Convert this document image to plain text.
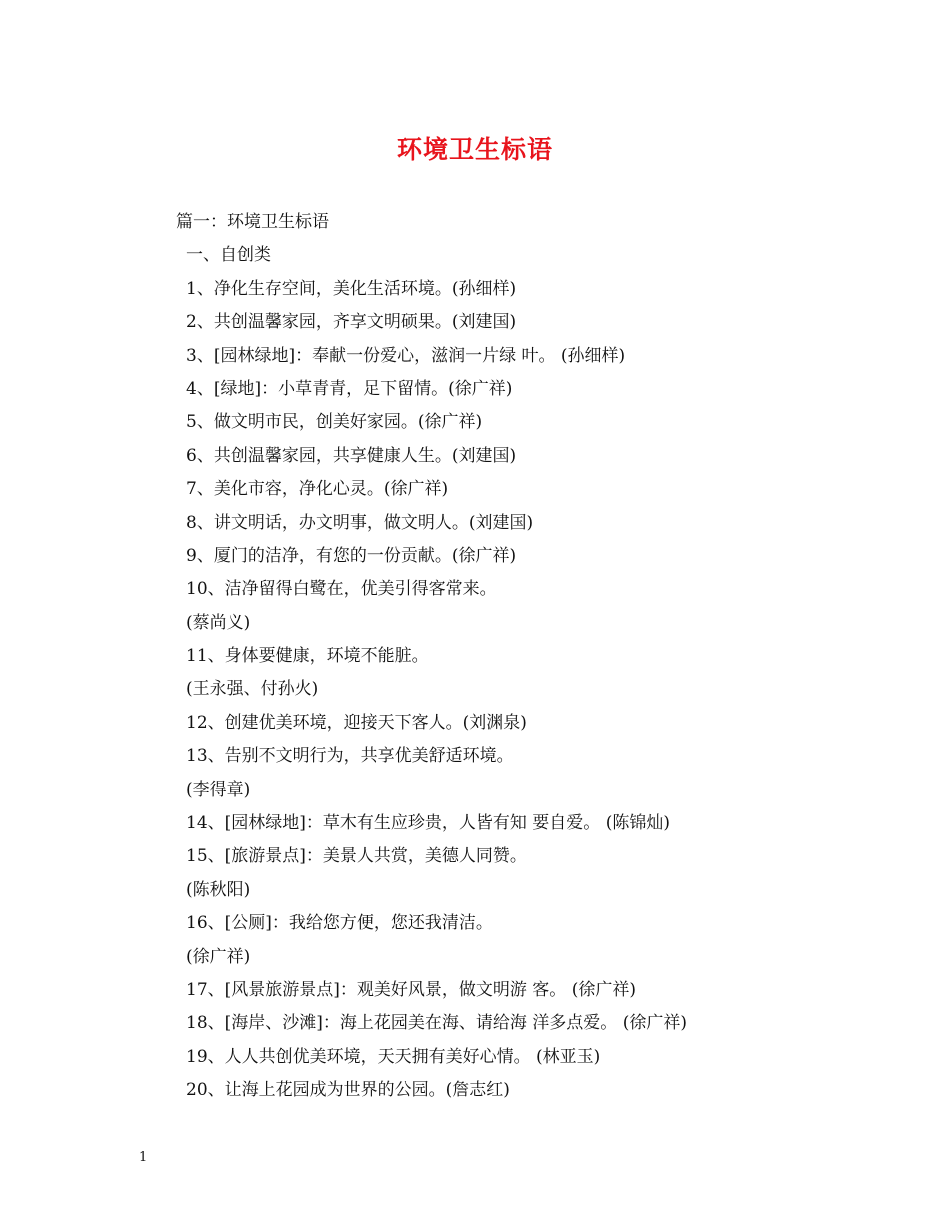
环境卫生标语
篇一：环境卫生标语
一、自创类
1、净化生存空间，美化生活环境。(孙细样)
2、共创温馨家园，齐享文明硕果。(刘建国)
3、[园林绿地]：奉献一份爱心，滋润一片绿 叶。 (孙细样)
4、[绿地]：小草青青，足下留情。(徐广祥)
5、做文明市民，创美好家园。(徐广祥)
6、共创温馨家园，共享健康人生。(刘建国)
7、美化市容，净化心灵。(徐广祥)
8、讲文明话，办文明事，做文明人。(刘建国)
9、厦门的洁净，有您的一份贡献。(徐广祥)
10、洁净留得白鹭在，优美引得客常来。
(蔡尚义)
11、身体要健康，环境不能脏。
(王永强、付孙火)
12、创建优美环境，迎接天下客人。(刘渊泉)
13、告别不文明行为，共享优美舒适环境。
(李得章)
14、[园林绿地]：草木有生应珍贵，人皆有知 要自爱。 (陈锦灿)
15、[旅游景点]：美景人共赏，美德人同赞。
(陈秋阳)
16、[公厕]：我给您方便，您还我清洁。
(徐广祥)
17、[风景旅游景点]：观美好风景，做文明游 客。 (徐广祥)
18、[海岸、沙滩]：海上花园美在海、请给海 洋多点爱。 (徐广祥)
19、人人共创优美环境，天天拥有美好心情。 (林亚玉)
20、让海上花园成为世界的公园。(詹志红)
1
